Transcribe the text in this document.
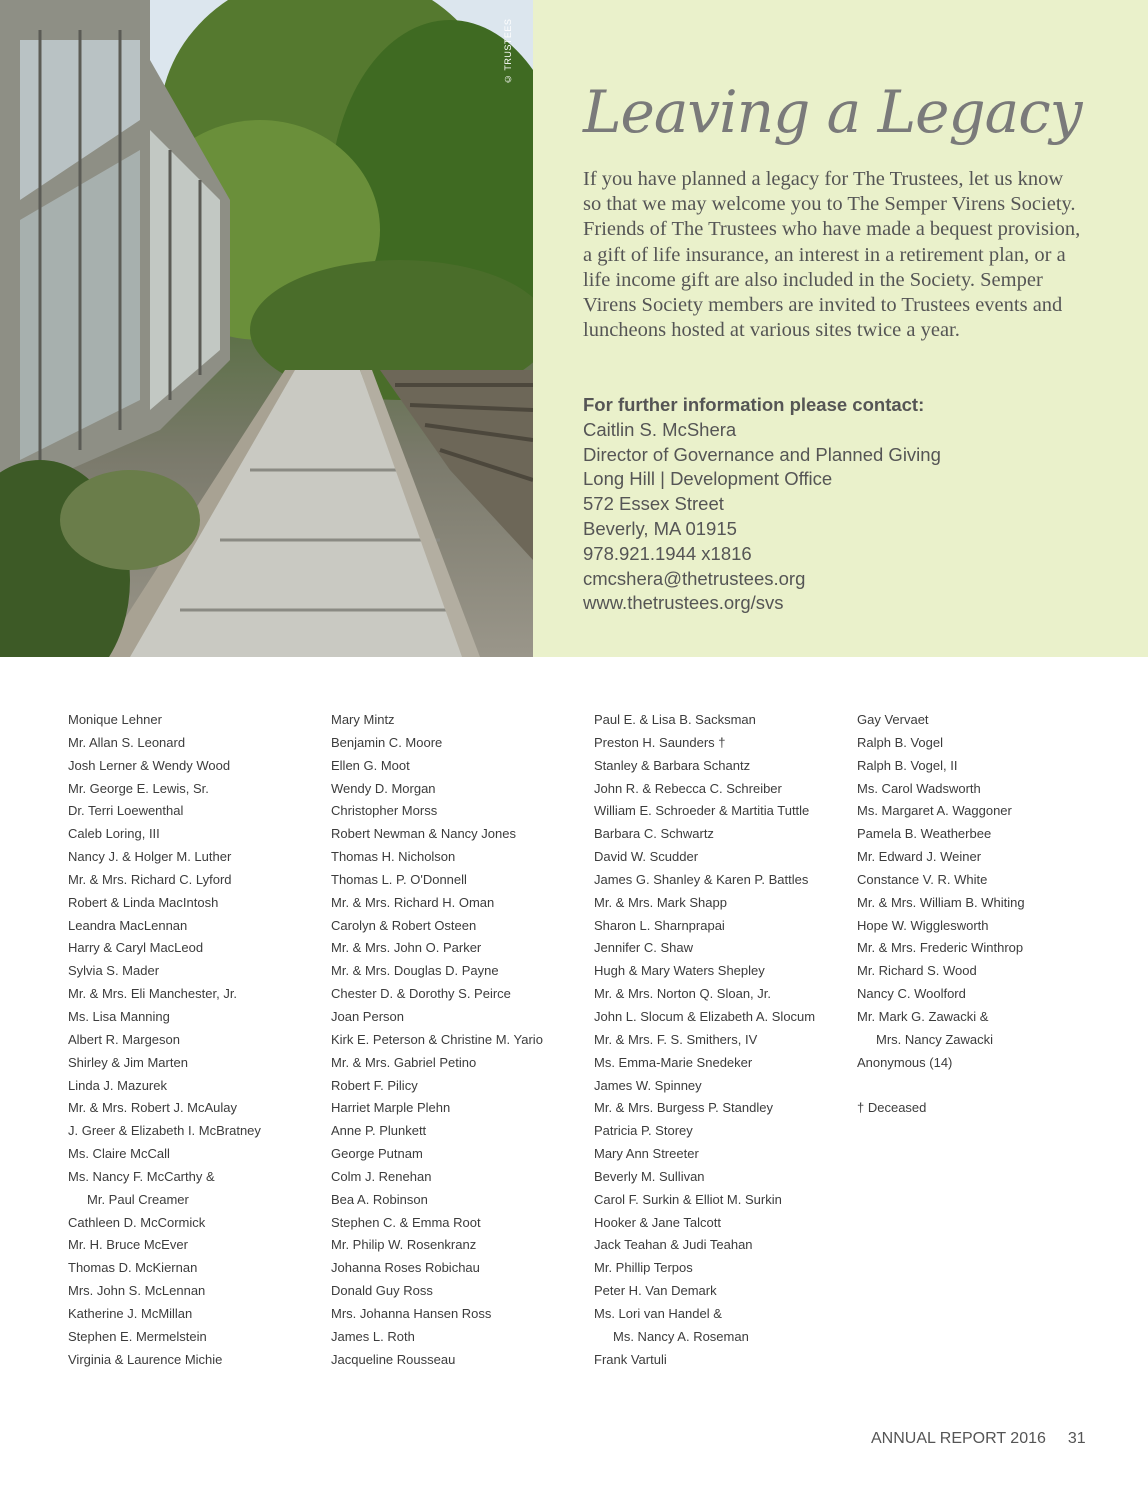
© TRUSTEES
Leaving a Legacy

If you have planned a legacy for The Trustees, let us know so that we may welcome you to The Semper Virens Society. Friends of The Trustees who have made a bequest provision, a gift of life insurance, an interest in a retirement plan, or a life income gift are also included in the Society. Semper Virens Society members are invited to Trustees events and luncheons hosted at various sites twice a year.

For further information please contact:
Caitlin S. McShera
Director of Governance and Planned Giving
Long Hill | Development Office
572 Essex Street
Beverly, MA 01915
978.921.1944 x1816
cmcshera@thetrustees.org
www.thetrustees.org/svs
Monique Lehner
Mr. Allan S. Leonard
Josh Lerner & Wendy Wood
Mr. George E. Lewis, Sr.
Dr. Terri Loewenthal
Caleb Loring, III
Nancy J. & Holger M. Luther
Mr. & Mrs. Richard C. Lyford
Robert & Linda MacIntosh
Leandra MacLennan
Harry & Caryl MacLeod
Sylvia S. Mader
Mr. & Mrs. Eli Manchester, Jr.
Ms. Lisa Manning
Albert R. Margeson
Shirley & Jim Marten
Linda J. Mazurek
Mr. & Mrs. Robert J. McAulay
J. Greer & Elizabeth I. McBratney
Ms. Claire McCall
Ms. Nancy F. McCarthy &
Mr. Paul Creamer
Cathleen D. McCormick
Mr. H. Bruce McEver
Thomas D. McKiernan
Mrs. John S. McLennan
Katherine J. McMillan
Stephen E. Mermelstein
Virginia & Laurence Michie
Mary Mintz
Benjamin C. Moore
Ellen G. Moot
Wendy D. Morgan
Christopher Morss
Robert Newman & Nancy Jones
Thomas H. Nicholson
Thomas L. P. O'Donnell
Mr. & Mrs. Richard H. Oman
Carolyn & Robert Osteen
Mr. & Mrs. John O. Parker
Mr. & Mrs. Douglas D. Payne
Chester D. & Dorothy S. Peirce
Joan Person
Kirk E. Peterson & Christine M. Yario
Mr. & Mrs. Gabriel Petino
Robert F. Pilicy
Harriet Marple Plehn
Anne P. Plunkett
George Putnam
Colm J. Renehan
Bea A. Robinson
Stephen C. & Emma Root
Mr. Philip W. Rosenkranz
Johanna Roses Robichau
Donald Guy Ross
Mrs. Johanna Hansen Ross
James L. Roth
Jacqueline Rousseau
Paul E. & Lisa B. Sacksman
Preston H. Saunders †
Stanley & Barbara Schantz
John R. & Rebecca C. Schreiber
William E. Schroeder & Martitia Tuttle
Barbara C. Schwartz
David W. Scudder
James G. Shanley & Karen P. Battles
Mr. & Mrs. Mark Shapp
Sharon L. Sharnprapai
Jennifer C. Shaw
Hugh & Mary Waters Shepley
Mr. & Mrs. Norton Q. Sloan, Jr.
John L. Slocum & Elizabeth A. Slocum
Mr. & Mrs. F. S. Smithers, IV
Ms. Emma-Marie Snedeker
James W. Spinney
Mr. & Mrs. Burgess P. Standley
Patricia P. Storey
Mary Ann Streeter
Beverly M. Sullivan
Carol F. Surkin & Elliot M. Surkin
Hooker & Jane Talcott
Jack Teahan & Judi Teahan
Mr. Phillip Terpos
Peter H. Van Demark
Ms. Lori van Handel &
Ms. Nancy A. Roseman
Frank Vartuli
Gay Vervaet
Ralph B. Vogel
Ralph B. Vogel, II
Ms. Carol Wadsworth
Ms. Margaret A. Waggoner
Pamela B. Weatherbee
Mr. Edward J. Weiner
Constance V. R. White
Mr. & Mrs. William B. Whiting
Hope W. Wigglesworth
Mr. & Mrs. Frederic Winthrop
Mr. Richard S. Wood
Nancy C. Woolford
Mr. Mark G. Zawacki &
Mrs. Nancy Zawacki
Anonymous (14)
† Deceased
ANNUAL REPORT 2016 31
